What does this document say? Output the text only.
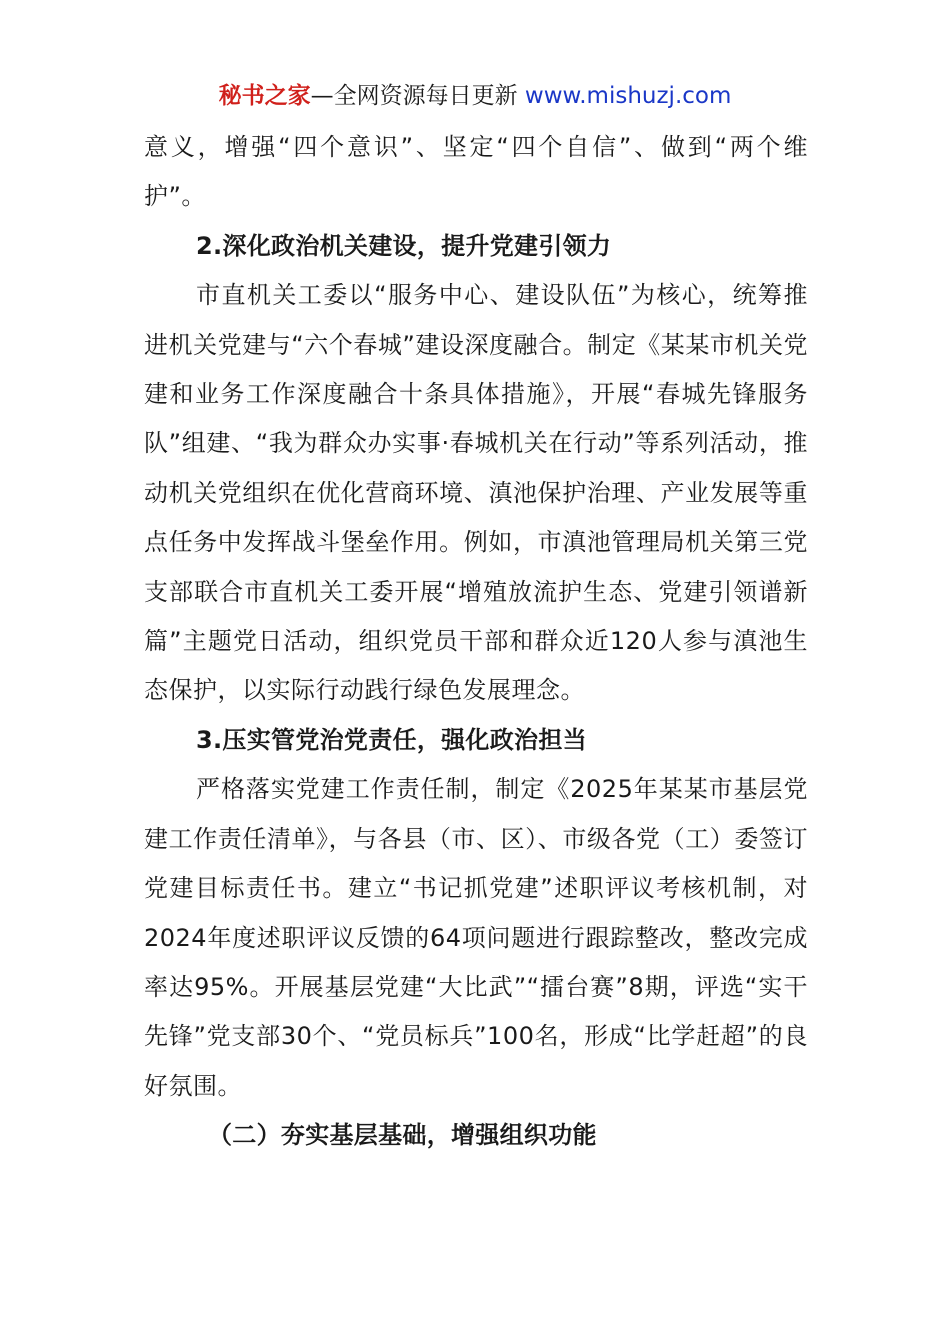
秘书之家—全网资源每日更新 www.mishuzj.com

意义，增强“四个意识”、坚定“四个自信”、做到“两个维护”。

2.深化政治机关建设，提升党建引领力

市直机关工委以“服务中心、建设队伍”为核心，统筹推进机关党建与“六个春城”建设深度融合。制定《某某市机关党建和业务工作深度融合十条具体措施》，开展“春城先锋服务队”组建、“我为群众办实事·春城机关在行动”等系列活动，推动机关党组织在优化营商环境、滇池保护治理、产业发展等重点任务中发挥战斗堡垒作用。例如，市滇池管理局机关第三党支部联合市直机关工委开展“增殖放流护生态、党建引领谱新篇”主题党日活动，组织党员干部和群众近120人参与滇池生态保护，以实际行动践行绿色发展理念。

3.压实管党治党责任，强化政治担当

严格落实党建工作责任制，制定《2025年某某市基层党建工作责任清单》，与各县（市、区）、市级各党（工）委签订党建目标责任书。建立“书记抓党建”述职评议考核机制，对2024年度述职评议反馈的64项问题进行跟踪整改，整改完成率达95%。开展基层党建“大比武”“擂台赛”8期，评选“实干先锋”党支部30个、“党员标兵”100名，形成“比学赶超”的良好氛围。

（二）夯实基层基础，增强组织功能
